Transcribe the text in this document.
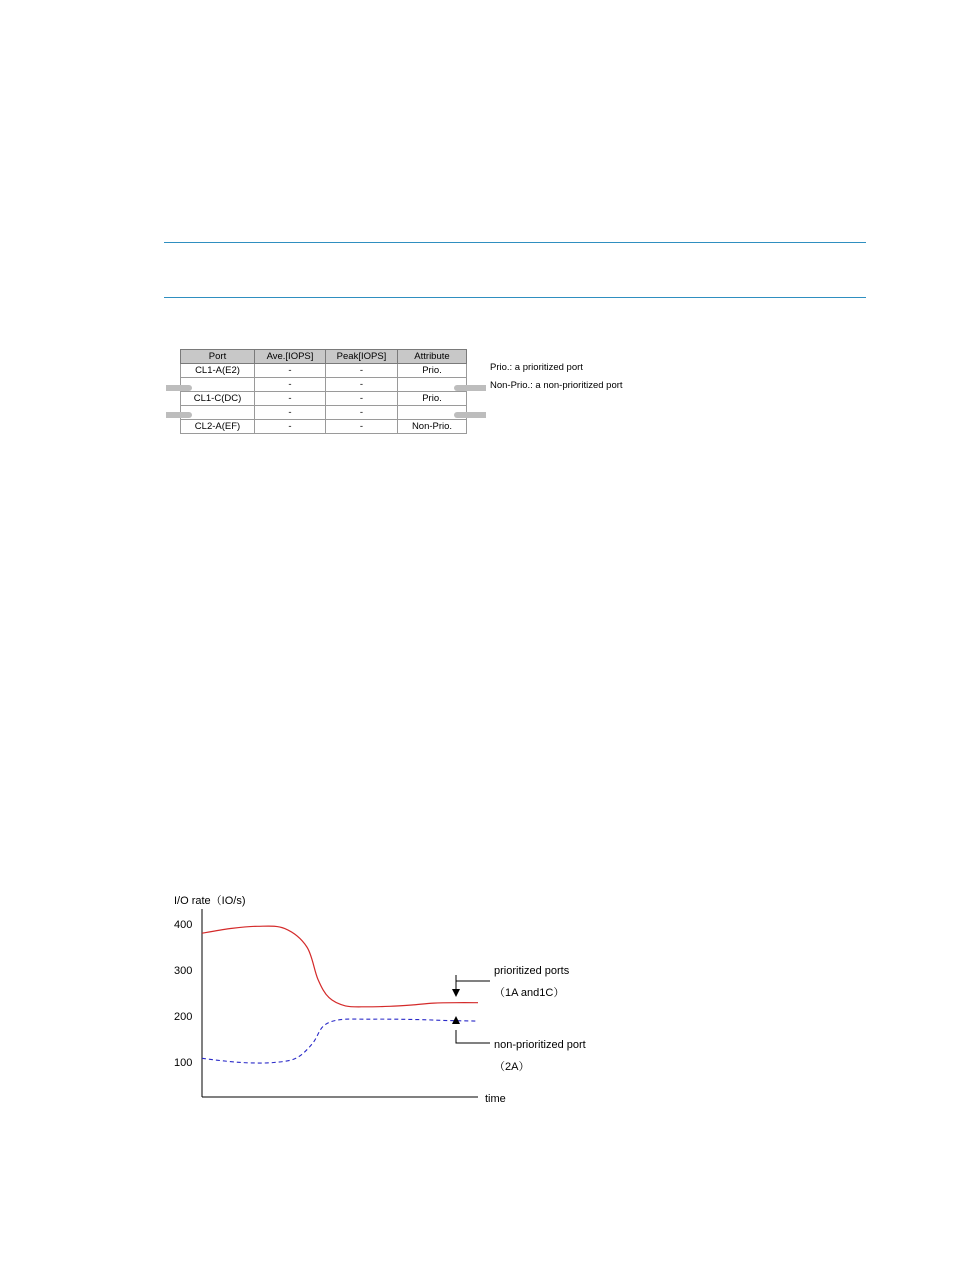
Port	Ave.[IOPS]	Peak[IOPS]	Attribute
CL1-A(E2)	-	-	Prio.
	-	-	
CL1-C(DC)	-	-	Prio.
	-	-	
CL2-A(EF)	-	-	Non-Prio.
Prio.: a prioritized port
Non-Prio.: a non-prioritized port
I/O rate（IO/s)
400
300
200
100
time
prioritized ports
（1A and1C）
non-prioritized port
（2A）
